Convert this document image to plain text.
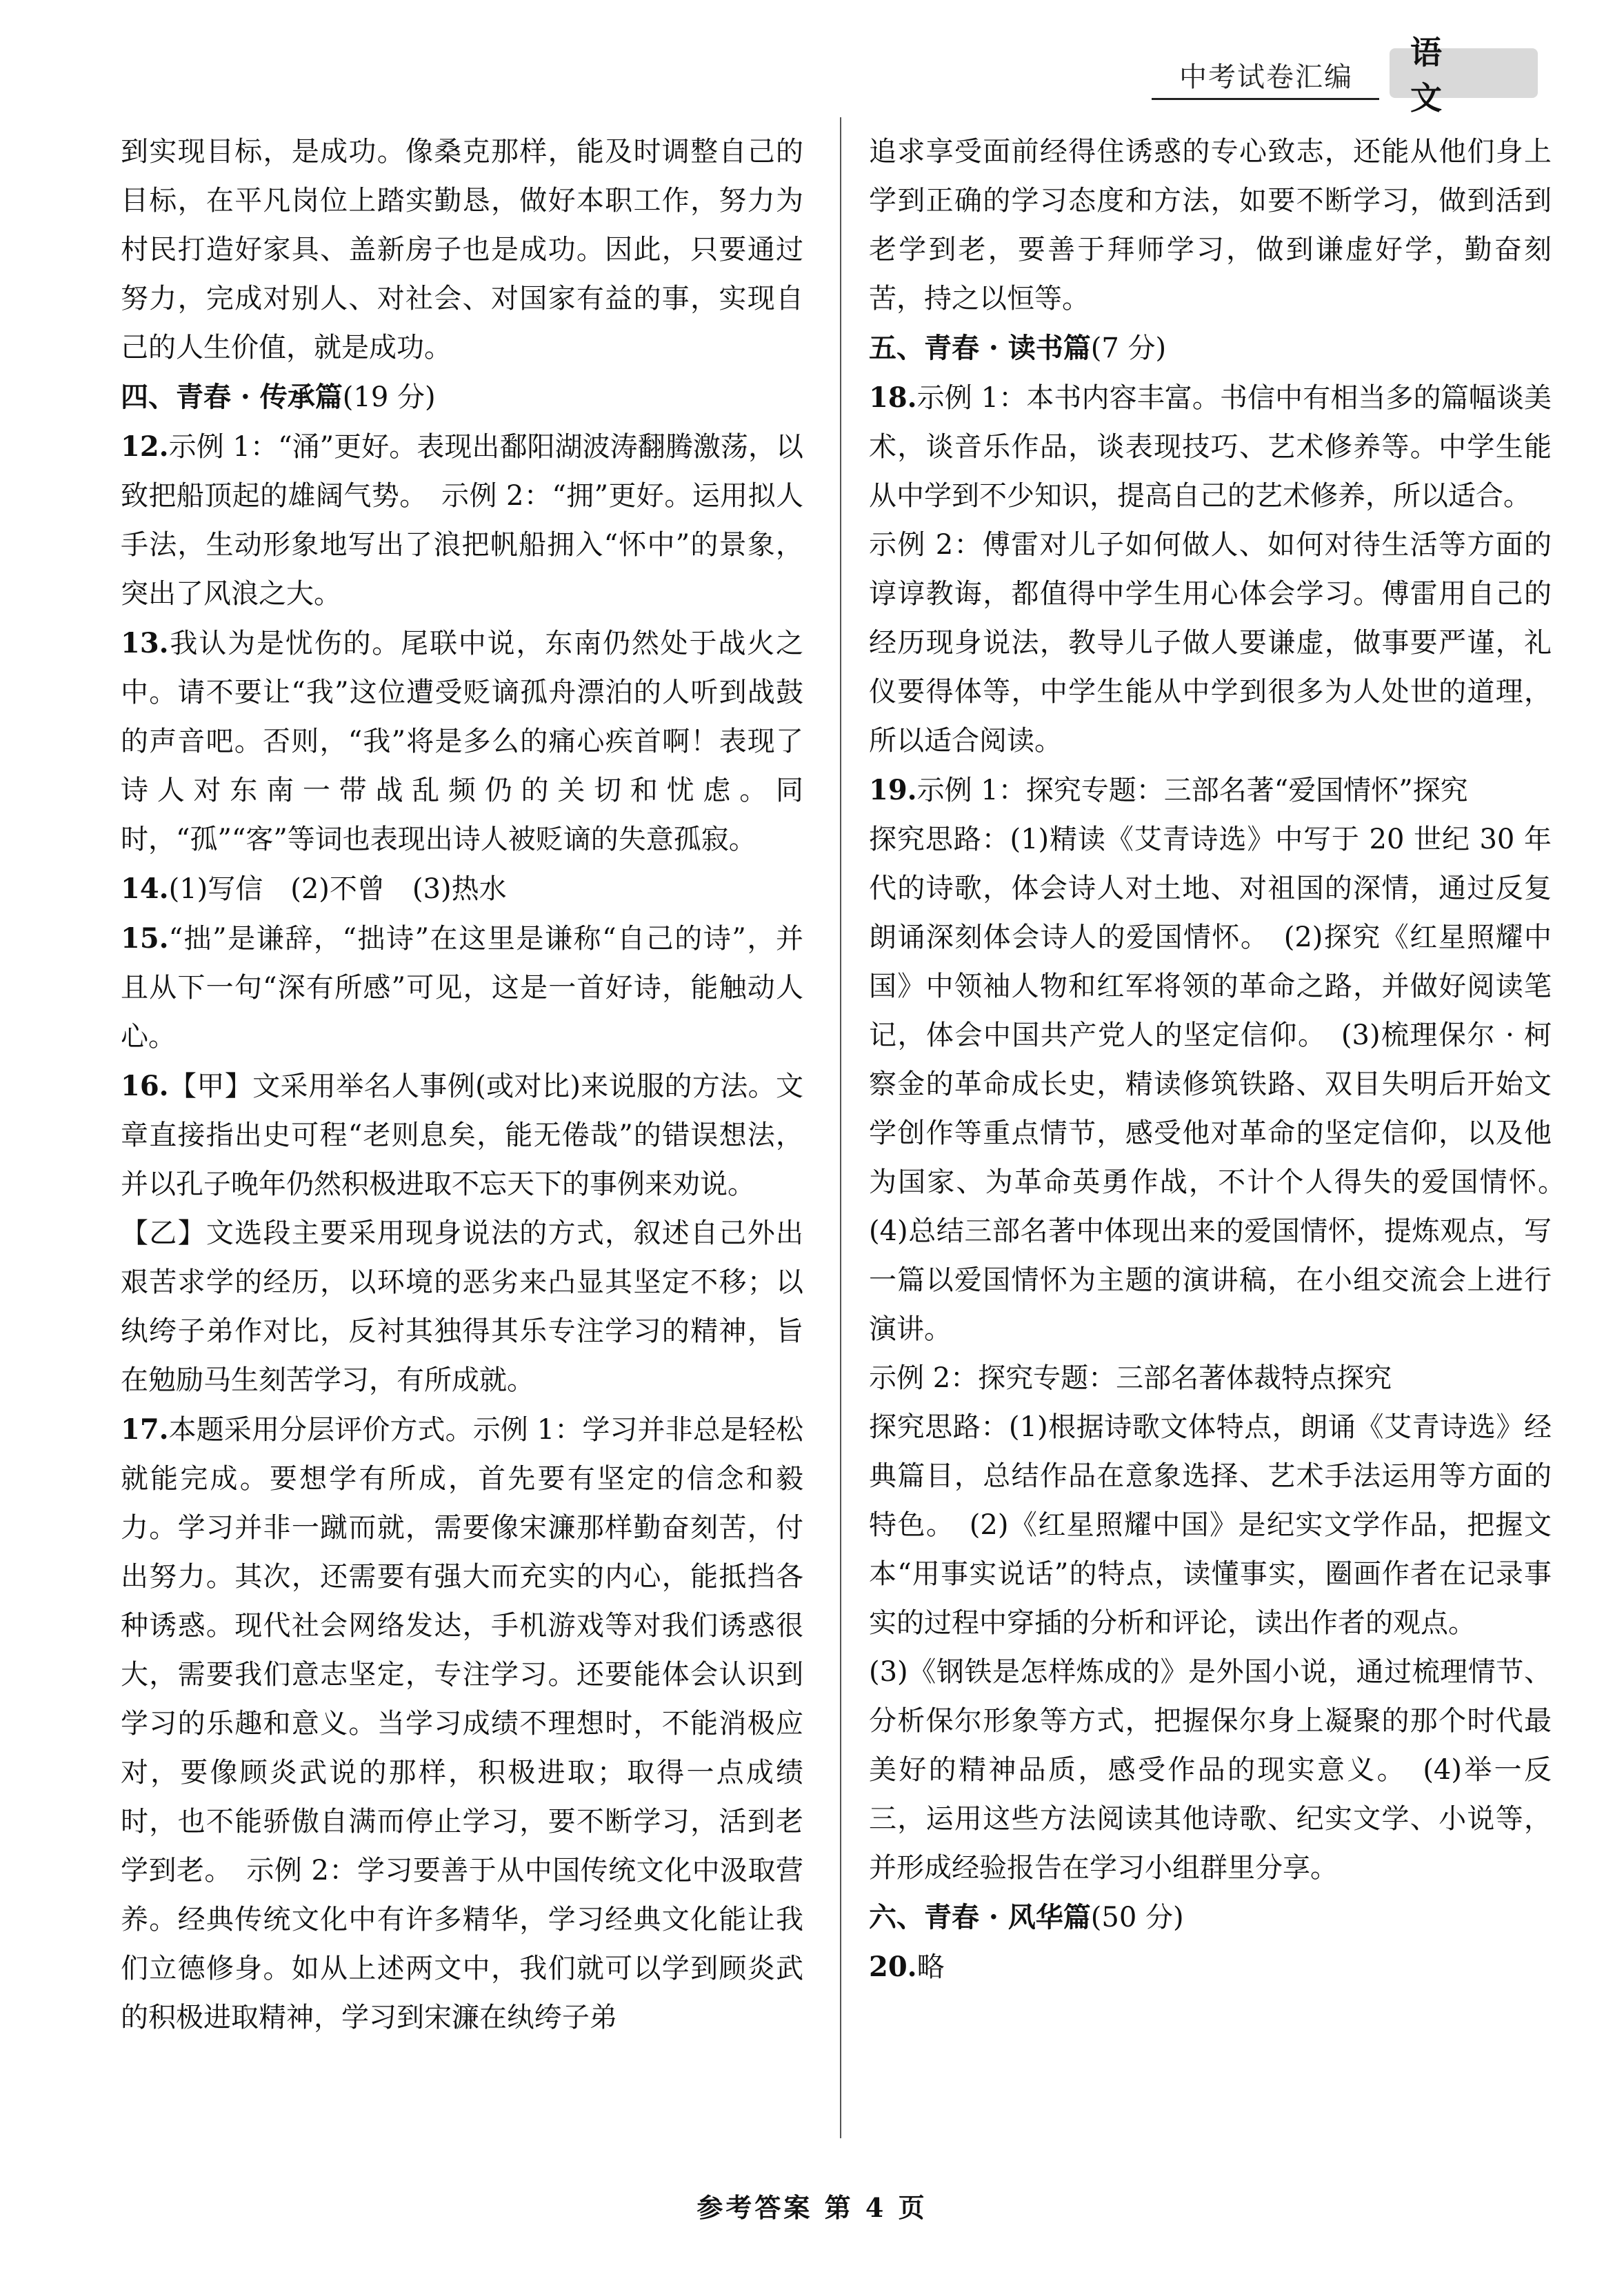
中考试卷汇编
语 文

到实现目标，是成功。像桑克那样，能及时调整自己的目标，在平凡岗位上踏实勤恳，做好本职工作，努力为村民打造好家具、盖新房子也是成功。因此，只要通过努力，完成对别人、对社会、对国家有益的事，实现自己的人生价值，就是成功。

四、青春 · 传承篇(19 分)

12.示例 1：“涌”更好。表现出鄱阳湖波涛翻腾激荡，以致把船顶起的雄阔气势。　示例 2：“拥”更好。运用拟人手法，生动形象地写出了浪把帆船拥入“怀中”的景象，突出了风浪之大。

13.我认为是忧伤的。尾联中说，东南仍然处于战火之中。请不要让“我”这位遭受贬谪孤舟漂泊的人听到战鼓的声音吧。否则，“我”将是多么的痛心疾首啊！表现了诗人对东南一带战乱频仍的关切和忧虑。同时，“孤”“客”等词也表现出诗人被贬谪的失意孤寂。

14.(1)写信　(2)不曾　(3)热水

15.“拙”是谦辞，“拙诗”在这里是谦称“自己的诗”，并且从下一句“深有所感”可见，这是一首好诗，能触动人心。

16.【甲】文采用举名人事例(或对比)来说服的方法。文章直接指出史可程“老则息矣，能无倦哉”的错误想法，并以孔子晚年仍然积极进取不忘天下的事例来劝说。

【乙】文选段主要采用现身说法的方式，叙述自己外出艰苦求学的经历，以环境的恶劣来凸显其坚定不移；以纨绔子弟作对比，反衬其独得其乐专注学习的精神，旨在勉励马生刻苦学习，有所成就。

17.本题采用分层评价方式。示例 1：学习并非总是轻松就能完成。要想学有所成，首先要有坚定的信念和毅力。学习并非一蹴而就，需要像宋濂那样勤奋刻苦，付出努力。其次，还需要有强大而充实的内心，能抵挡各种诱惑。现代社会网络发达，手机游戏等对我们诱惑很大，需要我们意志坚定，专注学习。还要能体会认识到学习的乐趣和意义。当学习成绩不理想时，不能消极应对，要像顾炎武说的那样，积极进取；取得一点成绩时，也不能骄傲自满而停止学习，要不断学习，活到老学到老。　示例 2：学习要善于从中国传统文化中汲取营养。经典传统文化中有许多精华，学习经典文化能让我们立德修身。如从上述两文中，我们就可以学到顾炎武的积极进取精神，学习到宋濂在纨绔子弟

追求享受面前经得住诱惑的专心致志，还能从他们身上学到正确的学习态度和方法，如要不断学习，做到活到老学到老，要善于拜师学习，做到谦虚好学，勤奋刻苦，持之以恒等。

五、青春 · 读书篇(7 分)

18.示例 1：本书内容丰富。书信中有相当多的篇幅谈美术，谈音乐作品，谈表现技巧、艺术修养等。中学生能从中学到不少知识，提高自己的艺术修养，所以适合。

示例 2：傅雷对儿子如何做人、如何对待生活等方面的谆谆教诲，都值得中学生用心体会学习。傅雷用自己的经历现身说法，教导儿子做人要谦虚，做事要严谨，礼仪要得体等，中学生能从中学到很多为人处世的道理，所以适合阅读。

19.示例 1：探究专题：三部名著“爱国情怀”探究

探究思路：(1)精读《艾青诗选》中写于 20 世纪 30 年代的诗歌，体会诗人对土地、对祖国的深情，通过反复朗诵深刻体会诗人的爱国情怀。　(2)探究《红星照耀中国》中领袖人物和红军将领的革命之路，并做好阅读笔记，体会中国共产党人的坚定信仰。　(3)梳理保尔 · 柯察金的革命成长史，精读修筑铁路、双目失明后开始文学创作等重点情节，感受他对革命的坚定信仰，以及他为国家、为革命英勇作战，不计个人得失的爱国情怀。　(4)总结三部名著中体现出来的爱国情怀，提炼观点，写一篇以爱国情怀为主题的演讲稿，在小组交流会上进行演讲。

示例 2：探究专题：三部名著体裁特点探究

探究思路：(1)根据诗歌文体特点，朗诵《艾青诗选》经典篇目，总结作品在意象选择、艺术手法运用等方面的特色。　(2)《红星照耀中国》是纪实文学作品，把握文本“用事实说话”的特点，读懂事实，圈画作者在记录事实的过程中穿插的分析和评论，读出作者的观点。

(3)《钢铁是怎样炼成的》是外国小说，通过梳理情节、分析保尔形象等方式，把握保尔身上凝聚的那个时代最美好的精神品质，感受作品的现实意义。　(4)举一反三，运用这些方法阅读其他诗歌、纪实文学、小说等，并形成经验报告在学习小组群里分享。

六、青春 · 风华篇(50 分)

20.略

参考答案 第 4 页
